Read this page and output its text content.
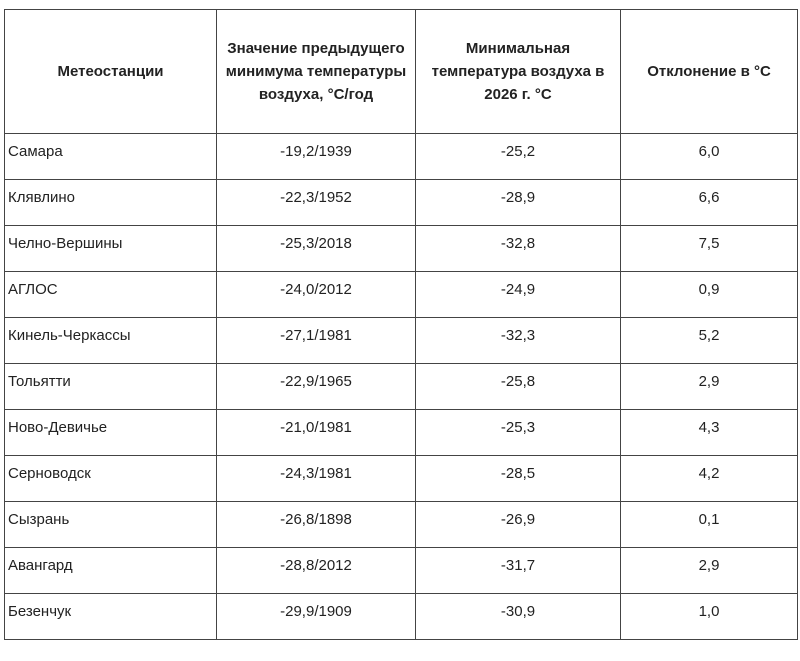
Метеостанции	Значение предыдущего минимума температуры воздуха, °С/год	Минимальная температура воздуха в 2026 г. °С	Отклонение в °С
Самара	-19,2/1939	-25,2	6,0
Клявлино	-22,3/1952	-28,9	6,6
Челно-Вершины	-25,3/2018	-32,8	7,5
АГЛОС	-24,0/2012	-24,9	0,9
Кинель-Черкассы	-27,1/1981	-32,3	5,2
Тольятти	-22,9/1965	-25,8	2,9
Ново-Девичье	-21,0/1981	-25,3	4,3
Серноводск	-24,3/1981	-28,5	4,2
Сызрань	-26,8/1898	-26,9	0,1
Авангард	-28,8/2012	-31,7	2,9
Безенчук	-29,9/1909	-30,9	1,0
